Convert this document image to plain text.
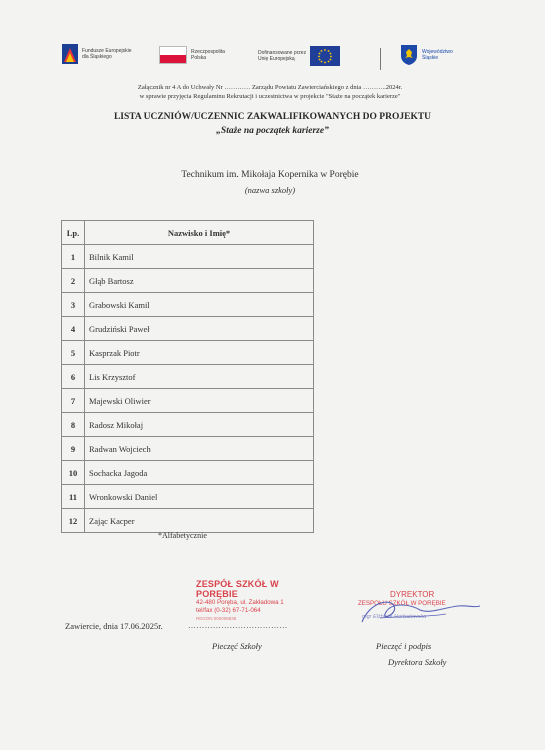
Fundusze Europejskie
dla Śląskiego
Rzeczpospolita
Polska
Dofinansowane przez
Unię Europejską
Województwo
Śląskie
Załącznik nr 4 A do Uchwały Nr ………… Zarządu Powiatu Zawierciańskiego z dnia ………..2024r.
w sprawie przyjęcia Regulaminu Rekrutacji i uczestnictwa w projekcie "Staże na początek karierze"
LISTA UCZNIÓW/UCZENNIC ZAKWALIFIKOWANYCH DO PROJEKTU
„Staże na początek karierze”
Technikum im. Mikołaja Kopernika w Porębie
(nazwa szkoły)
Lp.	Nazwisko i Imię*
1	Bilnik Kamil
2	Głąb Bartosz
3	Grabowski Kamil
4	Grudziński Paweł
5	Kasprzak Piotr
6	Lis Krzysztof
7	Majewski Oliwier
8	Radosz Mikołaj
9	Radwan Wojciech
10	Sochacka Jagoda
11	Wronkowski Daniel
12	Zając Kacper
*Alfabetycznie
ZESPÓŁ SZKÓŁ W PORĘBIE
42-480 Poręba, ul. Zakładowa 1
tel/fax (0-32) 67-71-064
REGON 000008838
DYREKTOR
ZESPOŁU SZKÓŁ W PORĘBIE
mgr Elżbieta Horbatowska
Zawiercie, dnia 17.06.2025r.	………………………………
Pieczęć Szkoły	Pieczęć i podpis
Dyrektora Szkoły
